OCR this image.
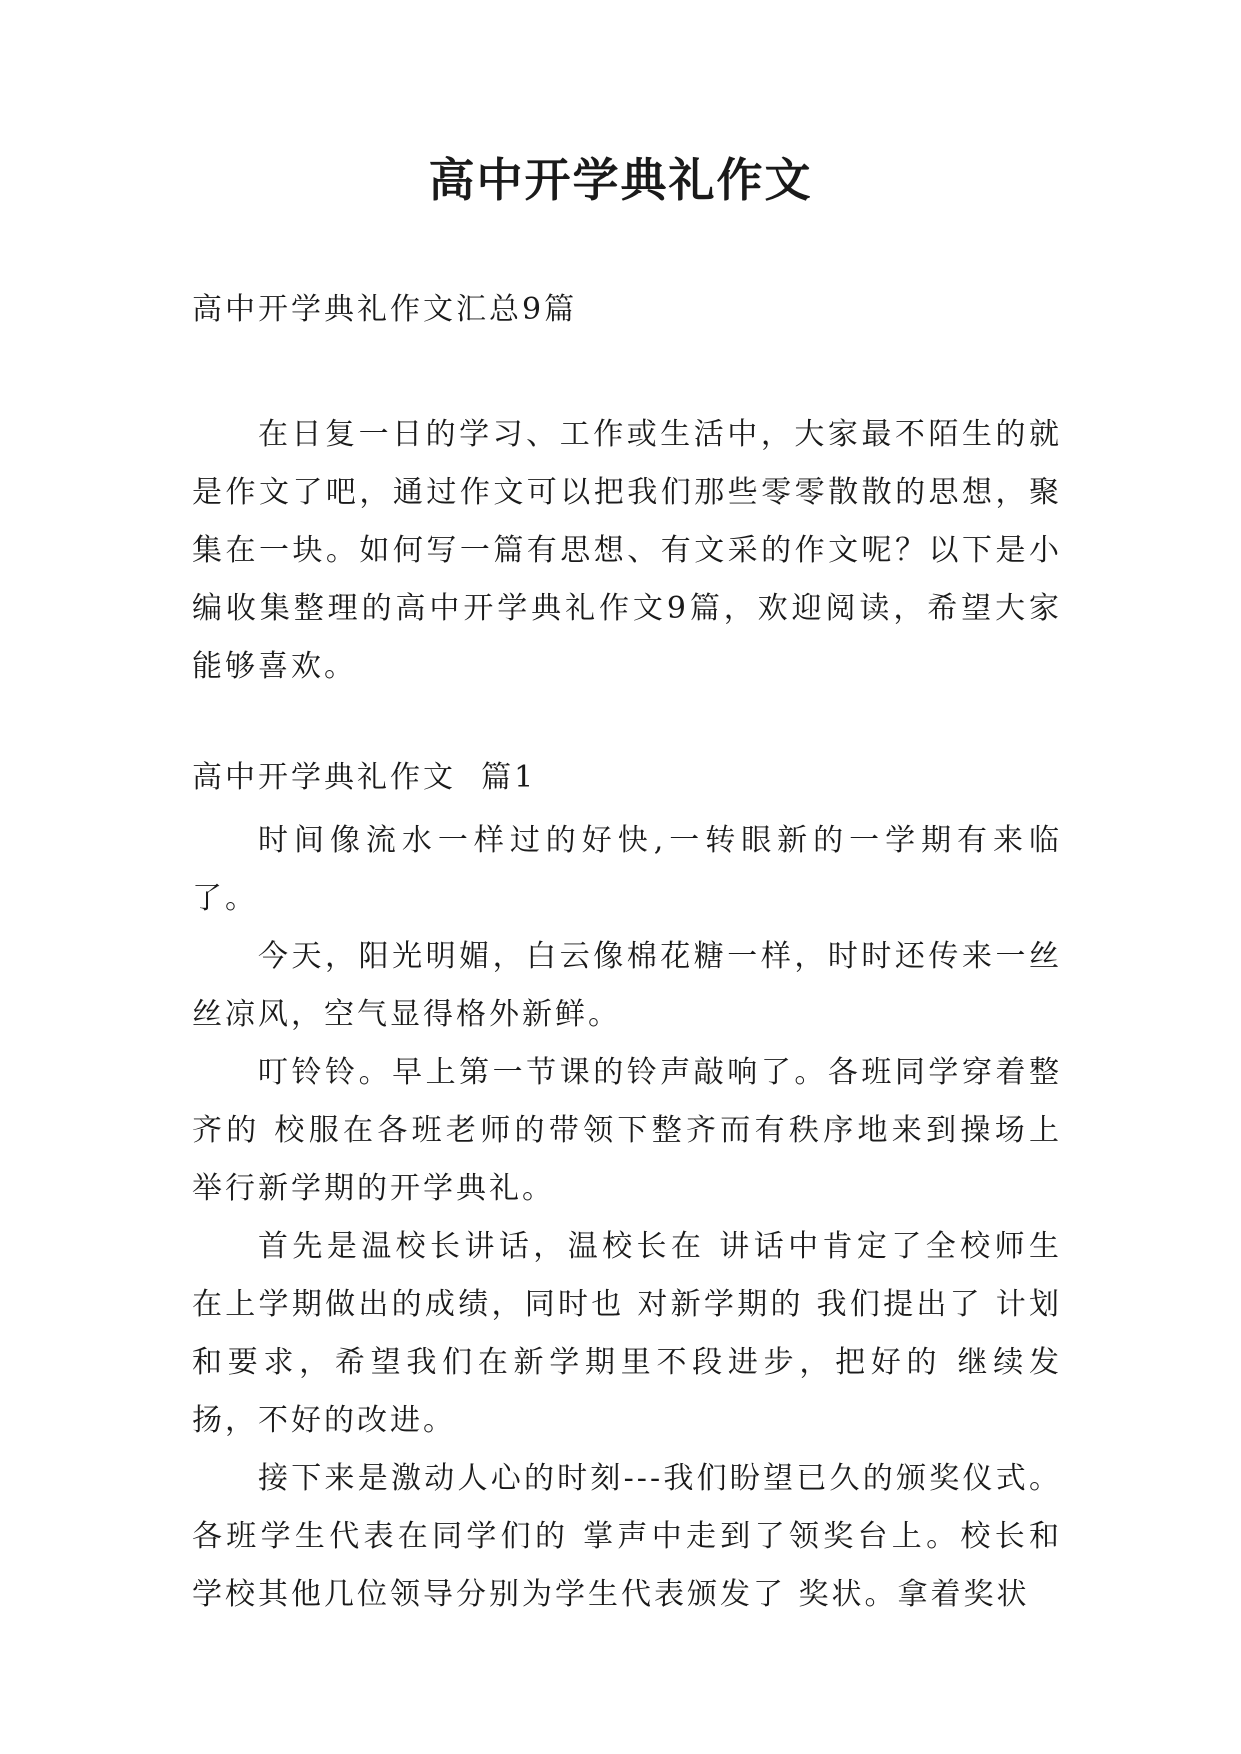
高中开学典礼作文
高中开学典礼作文汇总9篇

在日复一日的学习、工作或生活中，大家最不陌生的就是作文了吧，通过作文可以把我们那些零零散散的思想，聚集在一块。如何写一篇有思想、有文采的作文呢？以下是小编收集整理的高中开学典礼作文9篇，欢迎阅读，希望大家能够喜欢。

高中开学典礼作文  篇1

时间像流水一样过的好快,一转眼新的一学期有来临了。

今天，阳光明媚，白云像棉花糖一样，时时还传来一丝丝凉风，空气显得格外新鲜。

叮铃铃。早上第一节课的铃声敲响了。各班同学穿着整齐的 校服在各班老师的带领下整齐而有秩序地来到操场上举行新学期的开学典礼。

首先是温校长讲话，温校长在 讲话中肯定了全校师生在上学期做出的成绩，同时也 对新学期的 我们提出了 计划和要求，希望我们在新学期里不段进步，把好的 继续发扬，不好的改进。

接下来是激动人心的时刻---我们盼望已久的颁奖仪式。各班学生代表在同学们的 掌声中走到了领奖台上。校长和学校其他几位领导分别为学生代表颁发了 奖状。拿着奖状
